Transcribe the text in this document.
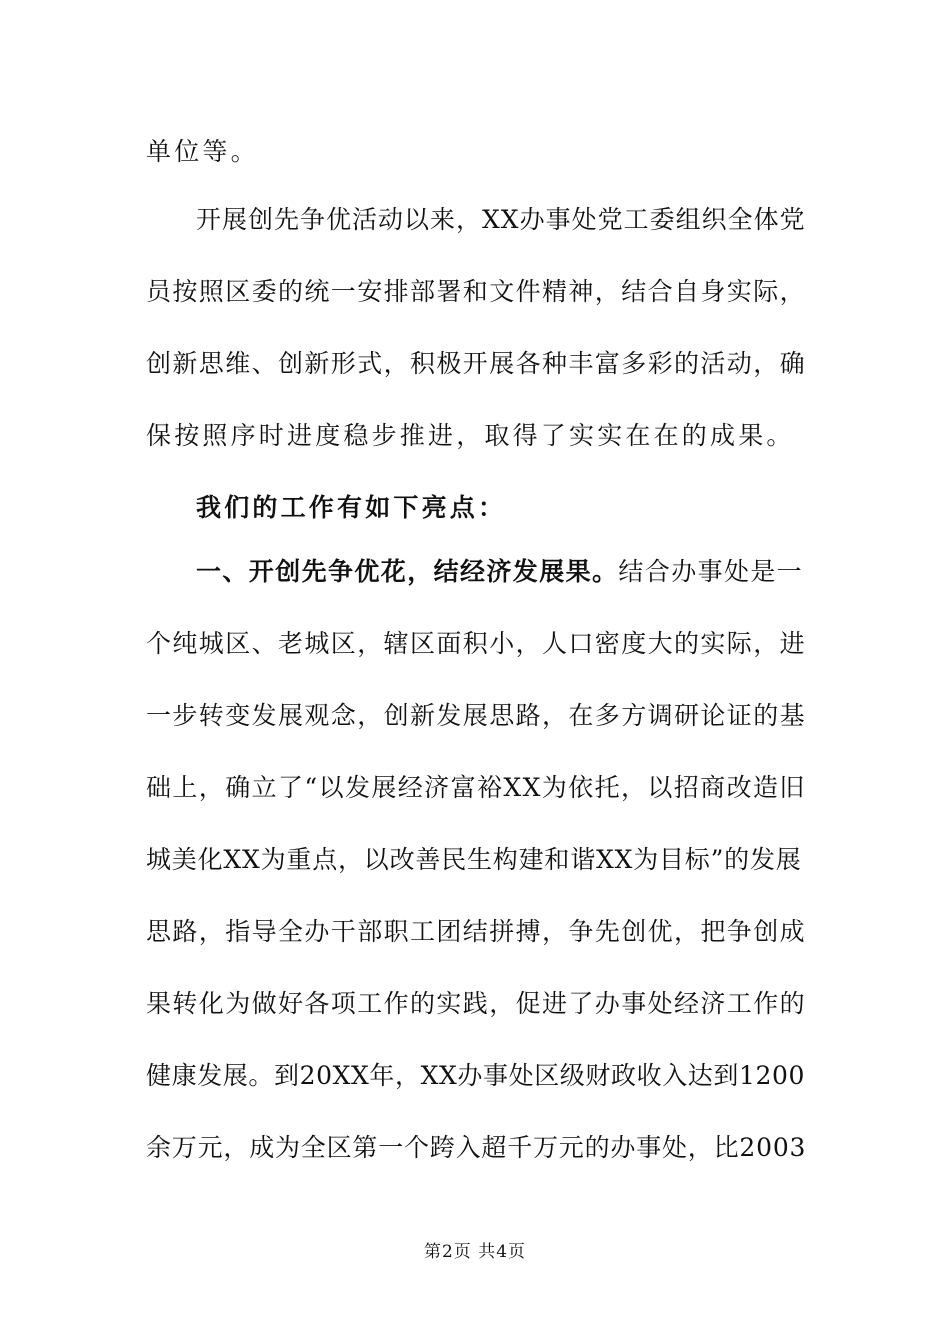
单位等。
开展创先争优活动以来，XX办事处党工委组织全体党
员按照区委的统一安排部署和文件精神，结合自身实际，
创新思维、创新形式，积极开展各种丰富多彩的活动，确
保按照序时进度稳步推进，取得了实实在在的成果。
我们的工作有如下亮点：
一、开创先争优花，结经济发展果。结合办事处是一
个纯城区、老城区，辖区面积小，人口密度大的实际，进
一步转变发展观念，创新发展思路，在多方调研论证的基
础上，确立了“以发展经济富裕XX为依托，以招商改造旧
城美化XX为重点，以改善民生构建和谐XX为目标”的发展
思路，指导全办干部职工团结拼搏，争先创优，把争创成
果转化为做好各项工作的实践，促进了办事处经济工作的
健康发展。到20XX年，XX办事处区级财政收入达到1200
余万元，成为全区第一个跨入超千万元的办事处，比2003
第2页 共4页
